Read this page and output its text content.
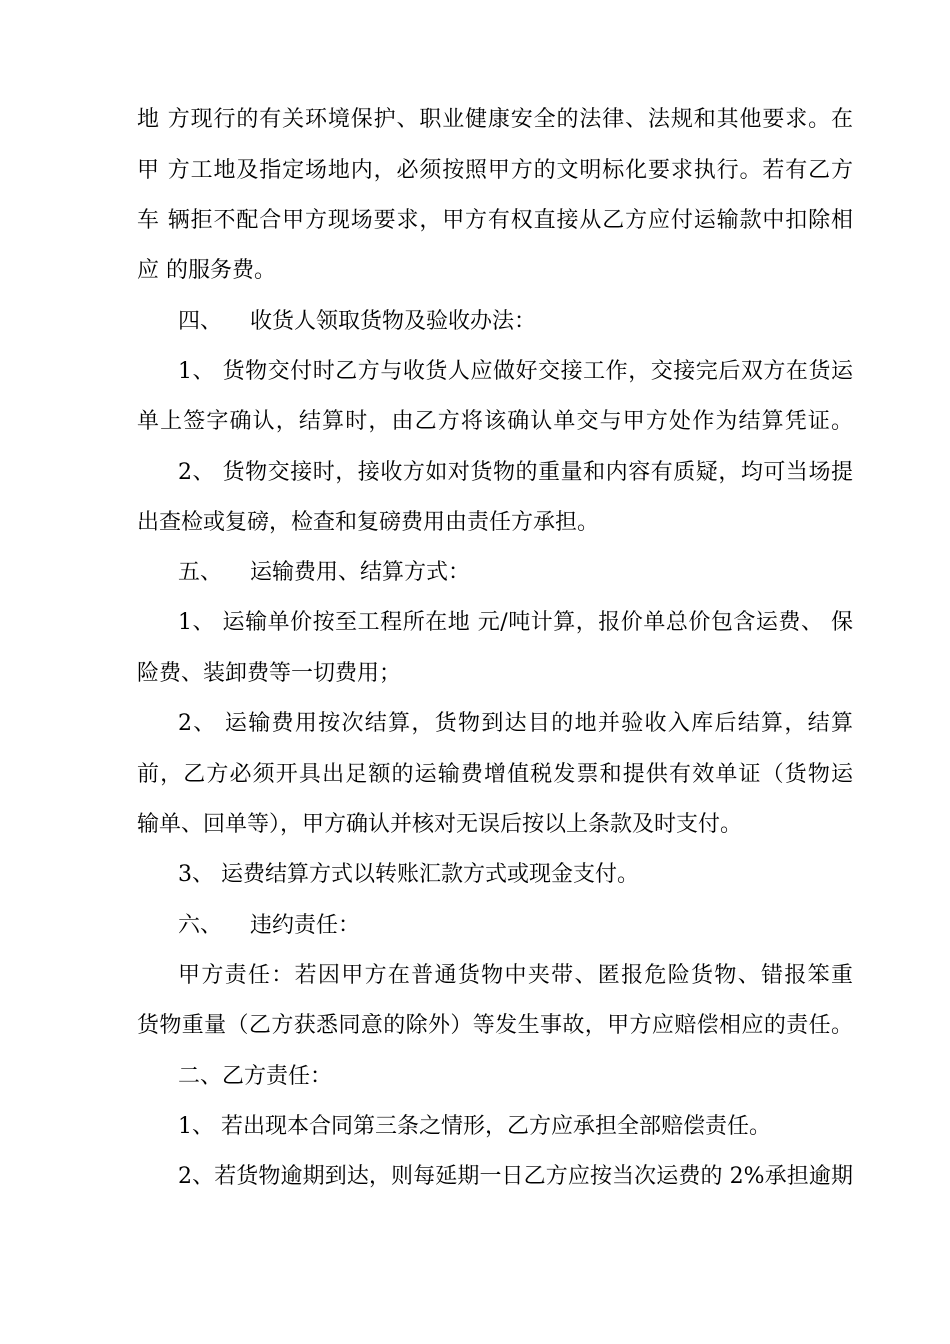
地 方现行的有关环境保护、职业健康安全的法律、法规和其他要求。在
甲 方工地及指定场地内，必须按照甲方的文明标化要求执行。若有乙方
车 辆拒不配合甲方现场要求，甲方有权直接从乙方应付运输款中扣除相
应 的服务费。
四、    收货人领取货物及验收办法：
1、 货物交付时乙方与收货人应做好交接工作，交接完后双方在货运
单上签字确认，结算时，由乙方将该确认单交与甲方处作为结算凭证。
2、 货物交接时，接收方如对货物的重量和内容有质疑，均可当场提
出查检或复磅，检查和复磅费用由责任方承担。
五、    运输费用、结算方式：
1、 运输单价按至工程所在地 元/吨计算，报价单总价包含运费、 保
险费、装卸费等一切费用；
2、 运输费用按次结算，货物到达目的地并验收入库后结算，结算
前，乙方必须开具出足额的运输费增值税发票和提供有效单证（货物运
输单、回单等），甲方确认并核对无误后按以上条款及时支付。
3、 运费结算方式以转账汇款方式或现金支付。
六、    违约责任：
甲方责任：若因甲方在普通货物中夹带、匿报危险货物、错报笨重
货物重量（乙方获悉同意的除外）等发生事故，甲方应赔偿相应的责任。
二、乙方责任：
1、 若出现本合同第三条之情形，乙方应承担全部赔偿责任。
2、若货物逾期到达，则每延期一日乙方应按当次运费的 2%承担逾期
